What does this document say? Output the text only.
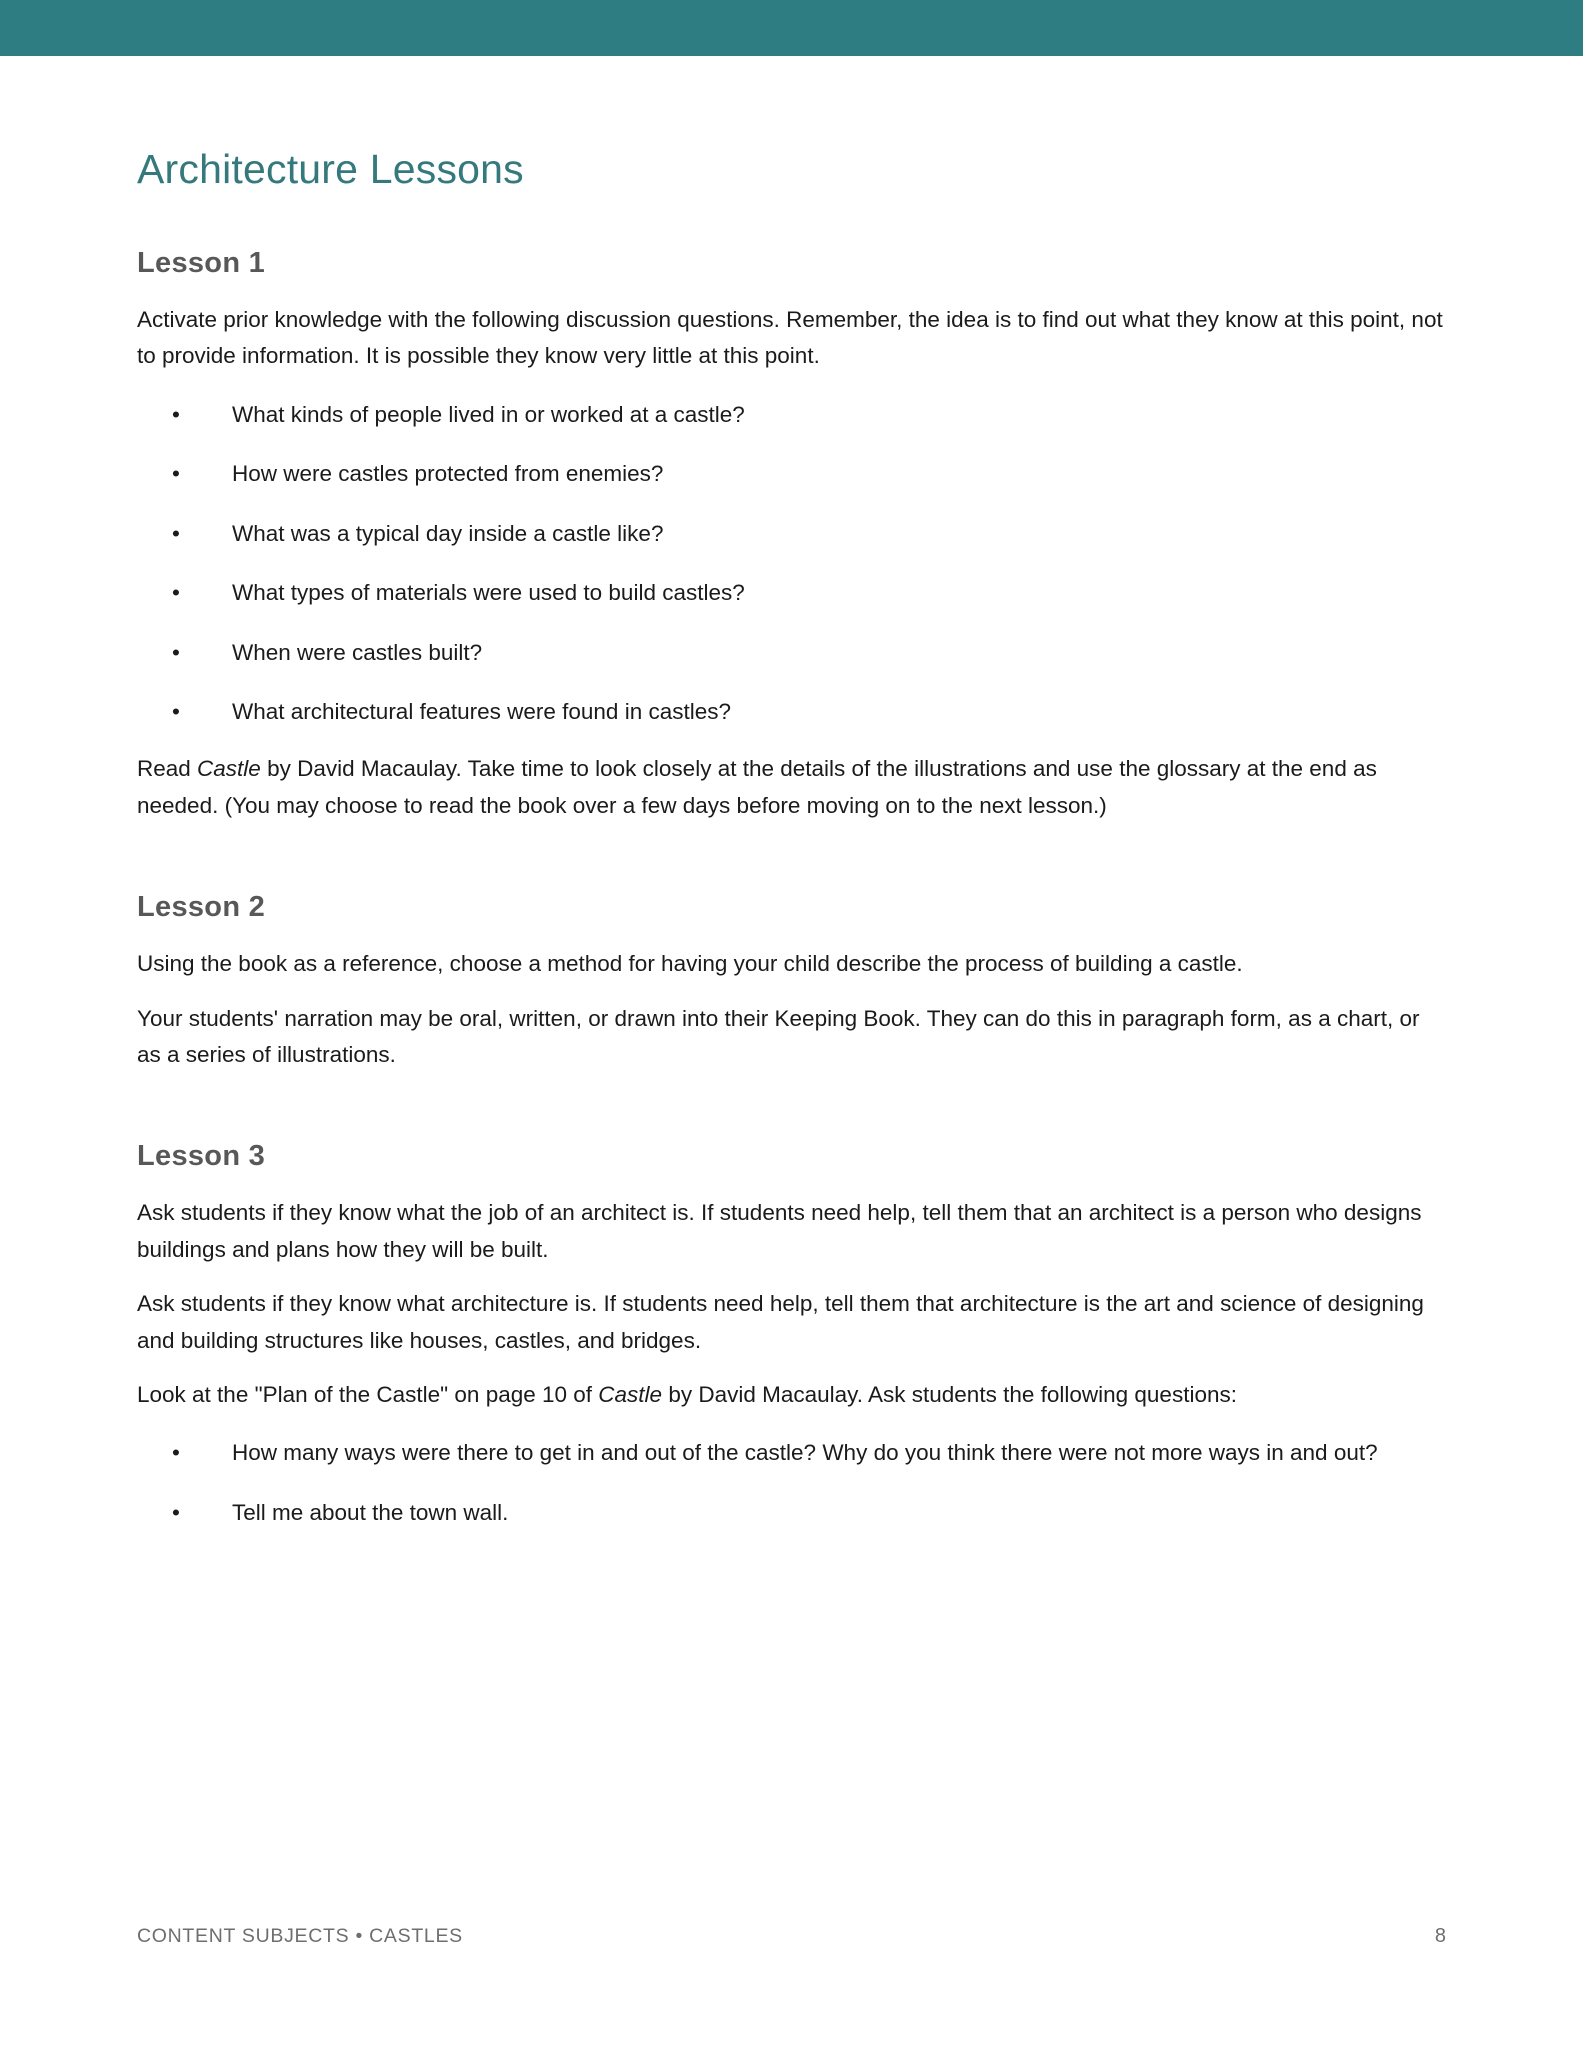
Architecture Lessons
Lesson 1

Activate prior knowledge with the following discussion questions. Remember, the idea is to find out what they know at this point, not to provide information. It is possible they know very little at this point.

•	What kinds of people lived in or worked at a castle?
•	How were castles protected from enemies?
•	What was a typical day inside a castle like?
•	What types of materials were used to build castles?
•	When were castles built?
•	What architectural features were found in castles?

Read Castle by David Macaulay. Take time to look closely at the details of the illustrations and use the glossary at the end as needed. (You may choose to read the book over a few days before moving on to the next lesson.)

Lesson 2

Using the book as a reference, choose a method for having your child describe the process of building a castle.

Your students' narration may be oral, written, or drawn into their Keeping Book. They can do this in paragraph form, as a chart, or as a series of illustrations.

Lesson 3

Ask students if they know what the job of an architect is. If students need help, tell them that an architect is a person who designs buildings and plans how they will be built.

Ask students if they know what architecture is. If students need help, tell them that architecture is the art and science of designing and building structures like houses, castles, and bridges.

Look at the "Plan of the Castle" on page 10 of Castle by David Macaulay. Ask students the following questions:

•	How many ways were there to get in and out of the castle? Why do you think there were not more ways in and out?
•	Tell me about the town wall.
CONTENT SUBJECTS • CASTLES	8
